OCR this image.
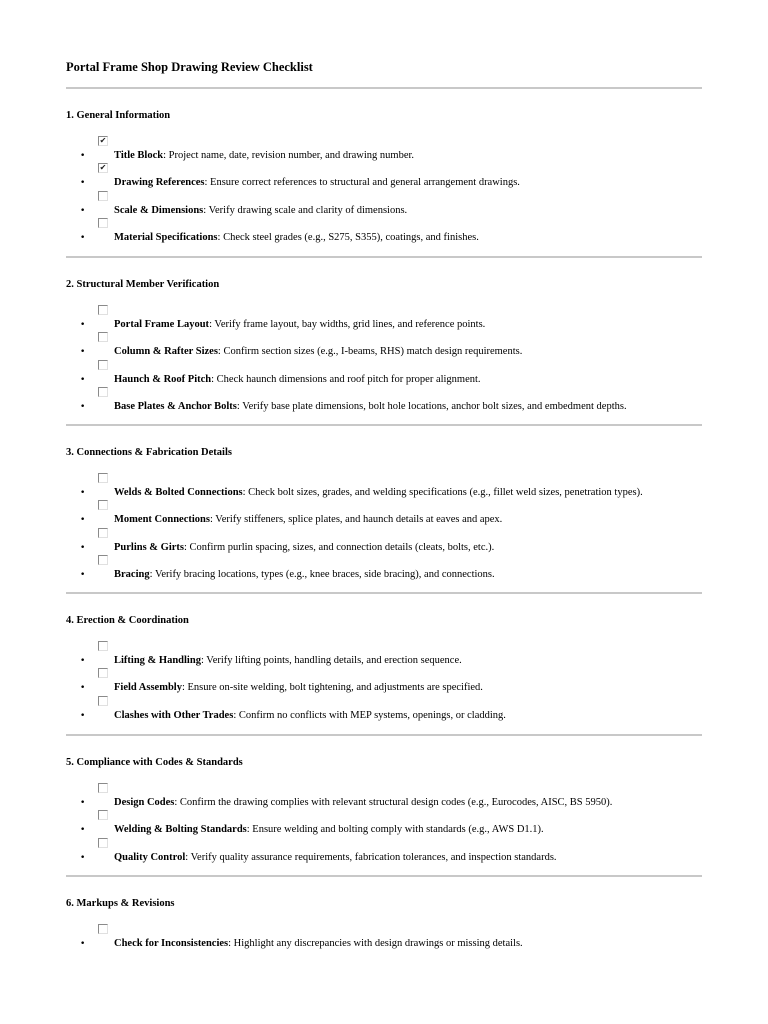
Portal Frame Shop Drawing Review Checklist
1. General Information
✔
•	Title Block: Project name, date, revision number, and drawing number.
✔
•	Drawing References: Ensure correct references to structural and general arrangement drawings.
•	Scale & Dimensions: Verify drawing scale and clarity of dimensions.
•	Material Specifications: Check steel grades (e.g., S275, S355), coatings, and finishes.
2. Structural Member Verification
•	Portal Frame Layout: Verify frame layout, bay widths, grid lines, and reference points.
•	Column & Rafter Sizes: Confirm section sizes (e.g., I-beams, RHS) match design requirements.
•	Haunch & Roof Pitch: Check haunch dimensions and roof pitch for proper alignment.
•	Base Plates & Anchor Bolts: Verify base plate dimensions, bolt hole locations, anchor bolt sizes, and embedment depths.
3. Connections & Fabrication Details
•	Welds & Bolted Connections: Check bolt sizes, grades, and welding specifications (e.g., fillet weld sizes, penetration types).
•	Moment Connections: Verify stiffeners, splice plates, and haunch details at eaves and apex.
•	Purlins & Girts: Confirm purlin spacing, sizes, and connection details (cleats, bolts, etc.).
•	Bracing: Verify bracing locations, types (e.g., knee braces, side bracing), and connections.
4. Erection & Coordination
•	Lifting & Handling: Verify lifting points, handling details, and erection sequence.
•	Field Assembly: Ensure on-site welding, bolt tightening, and adjustments are specified.
•	Clashes with Other Trades: Confirm no conflicts with MEP systems, openings, or cladding.
5. Compliance with Codes & Standards
•	Design Codes: Confirm the drawing complies with relevant structural design codes (e.g., Eurocodes, AISC, BS 5950).
•	Welding & Bolting Standards: Ensure welding and bolting comply with standards (e.g., AWS D1.1).
•	Quality Control: Verify quality assurance requirements, fabrication tolerances, and inspection standards.
6. Markups & Revisions
•	Check for Inconsistencies: Highlight any discrepancies with design drawings or missing details.
